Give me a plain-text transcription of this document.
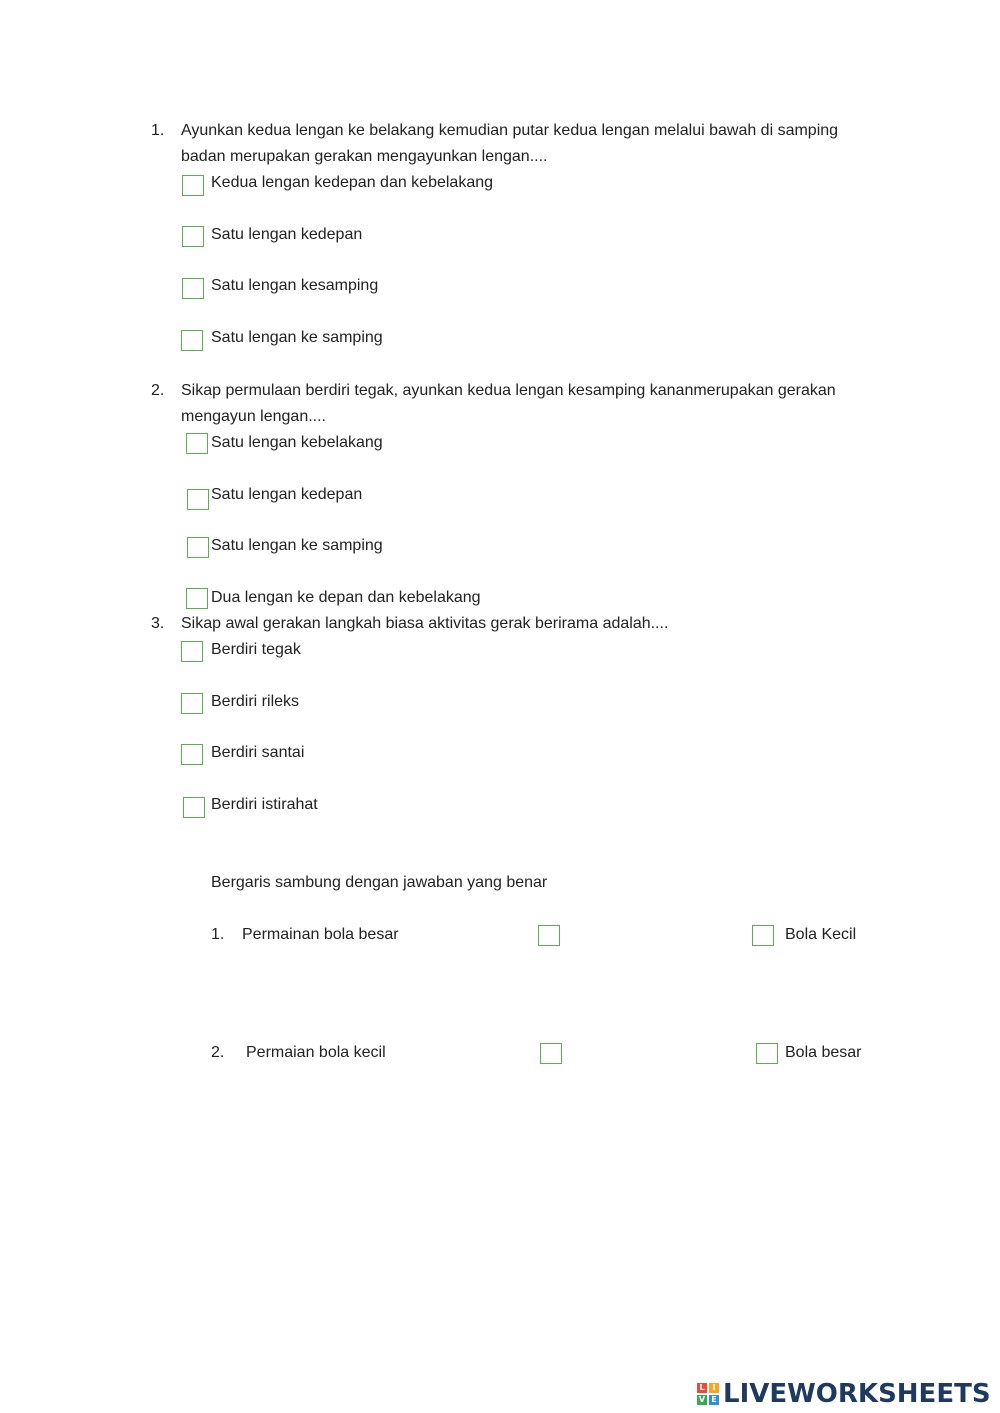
1.	Ayunkan kedua lengan ke belakang kemudian putar kedua lengan melalui bawah di samping
badan merupakan gerakan mengayunkan lengan....
Kedua lengan kedepan dan kebelakang
Satu lengan kedepan
Satu lengan kesamping
Satu lengan ke samping
2.	Sikap permulaan berdiri tegak, ayunkan kedua lengan kesamping kananmerupakan gerakan
mengayun lengan....
Satu lengan kebelakang
Satu lengan kedepan
Satu lengan ke samping
Dua lengan ke depan dan kebelakang
3.	Sikap awal gerakan langkah biasa aktivitas gerak berirama adalah....
Berdiri tegak
Berdiri rileks
Berdiri santai
Berdiri istirahat
Bergaris sambung dengan jawaban yang benar
1. Permainan bola besar	Bola Kecil
2. Permaian bola kecil	Bola besar
L I
V E LIVEWORKSHEETS
